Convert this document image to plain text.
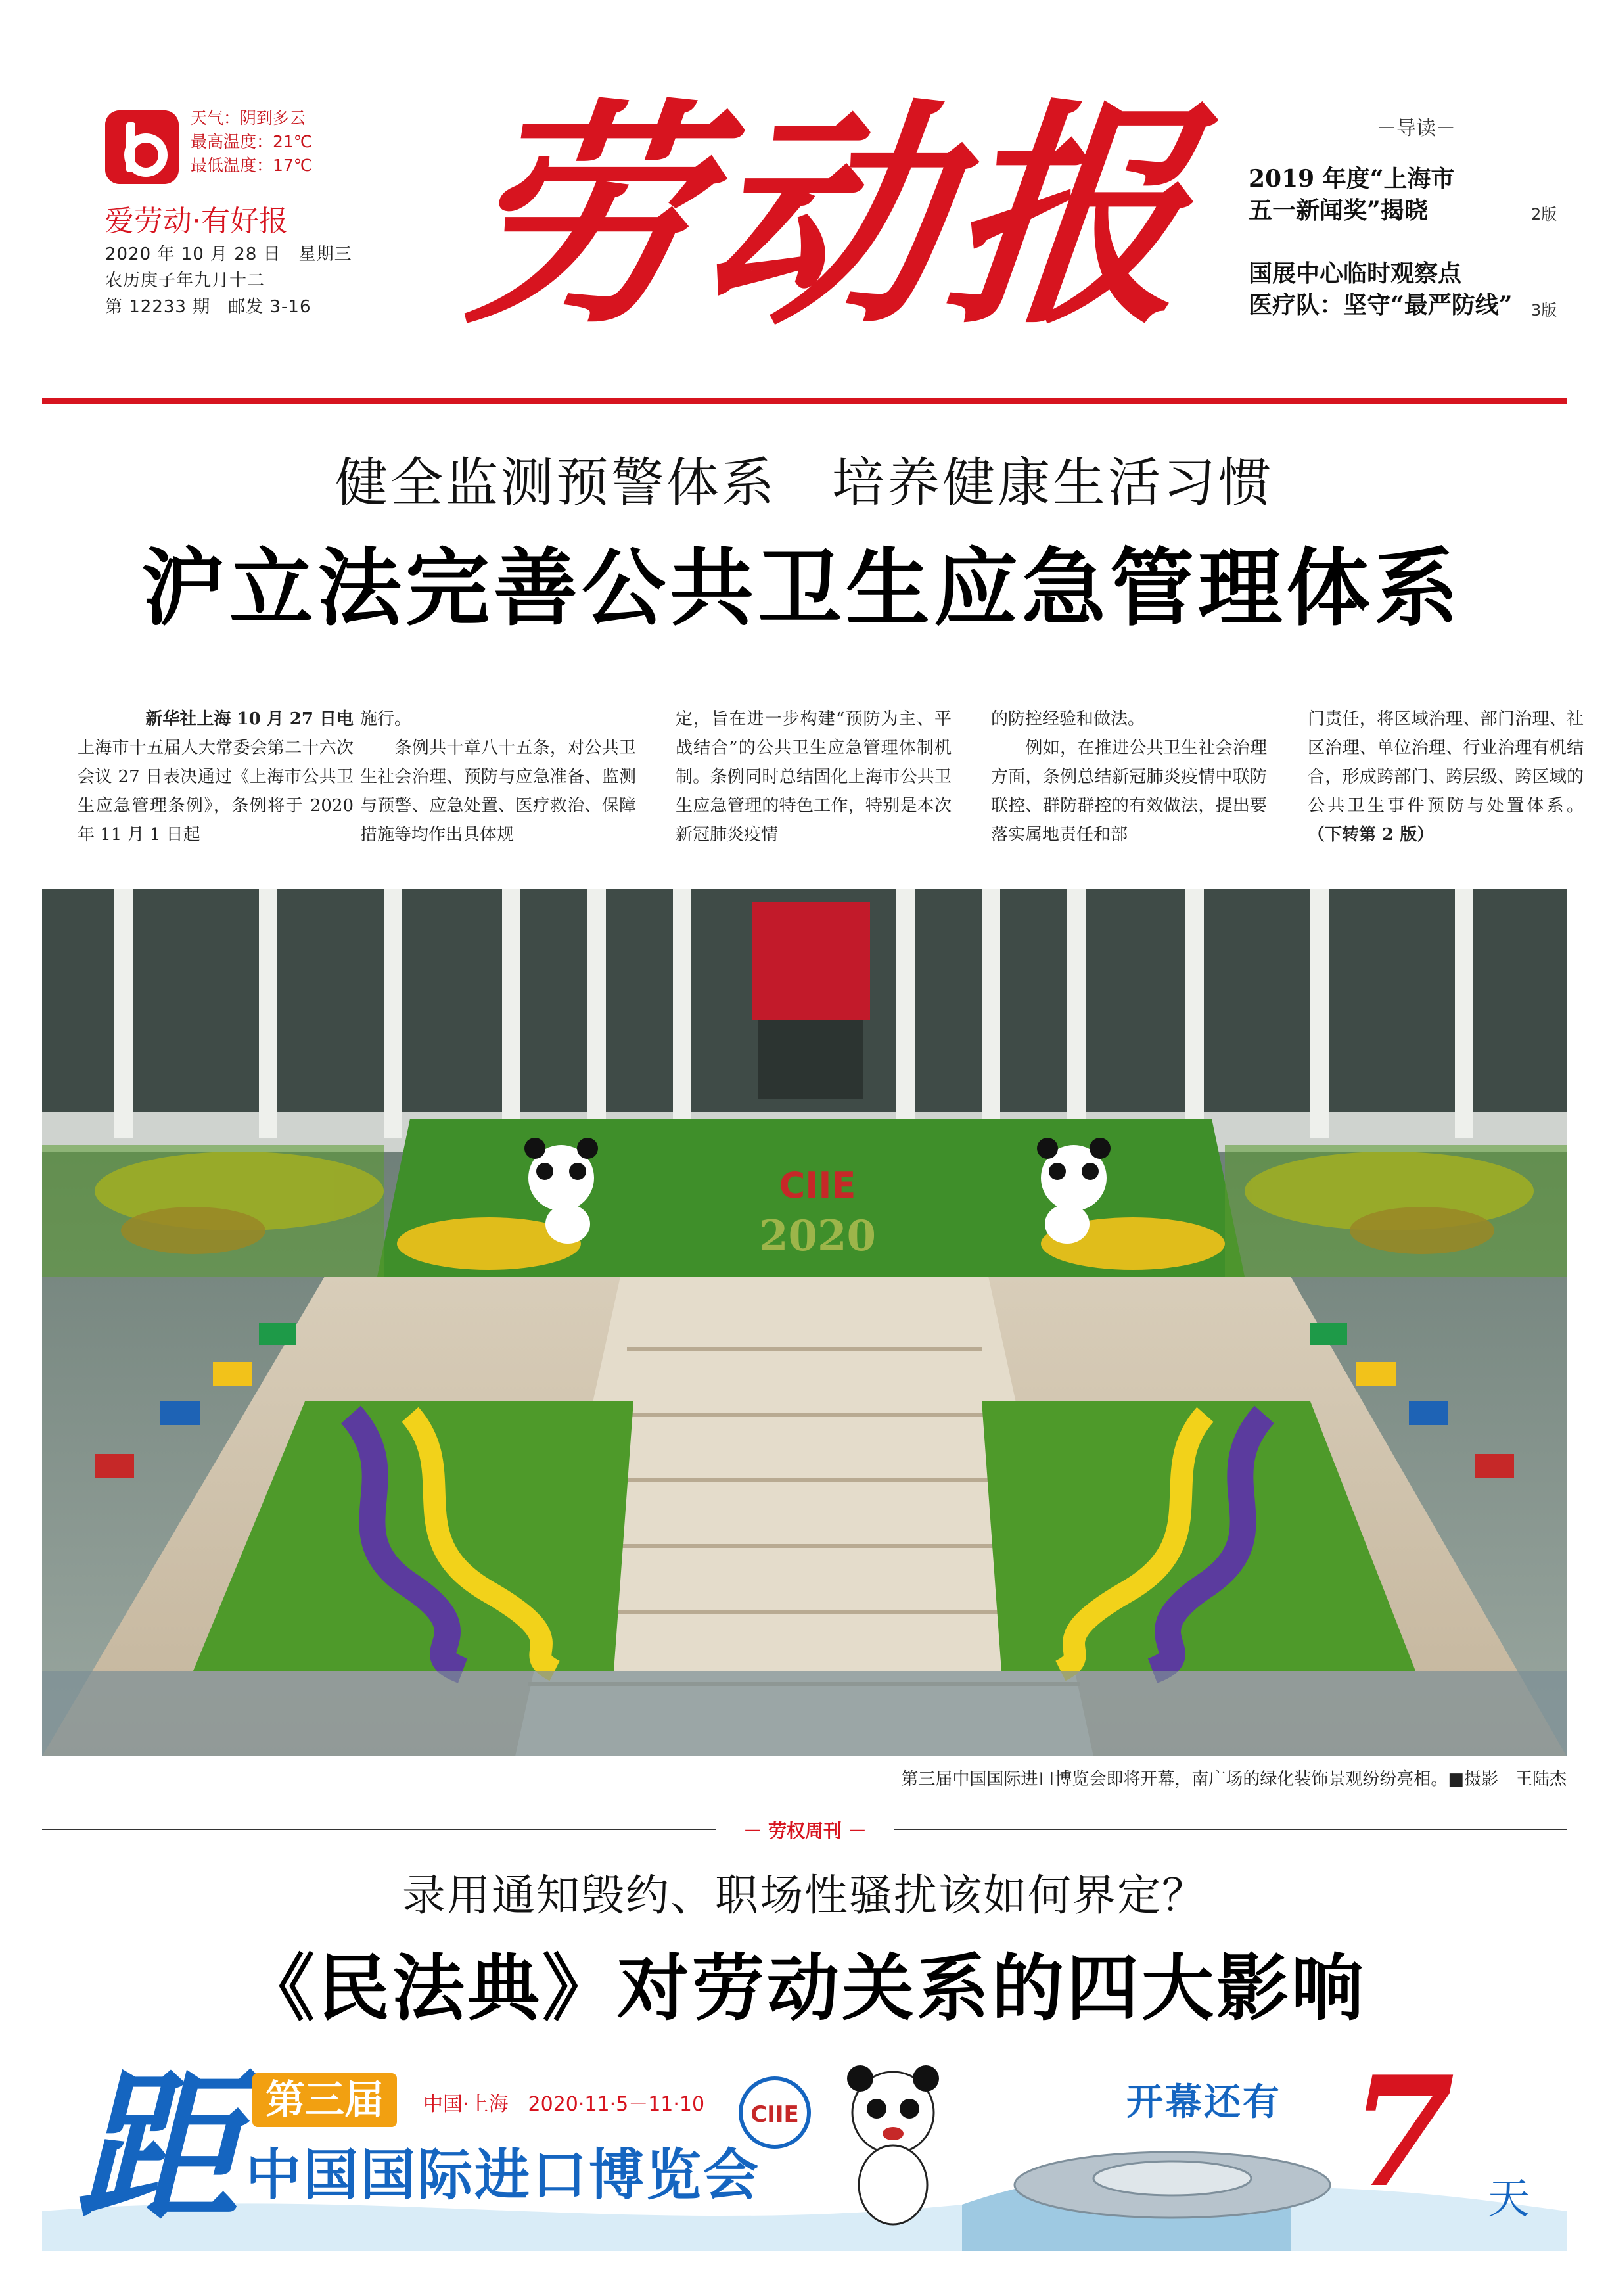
天气：阴到多云
最高温度：21℃
最低温度：17℃
爱劳动·有好报
2020 年 10 月 28 日　星期三
农历庚子年九月十二
第 12233 期　邮发 3-16 劳动报	－导读－
2019 年度“上海市
五一新闻奖”揭晓	2版
国展中心临时观察点
医疗队：坚守“最严防线” 3版
健全监测预警体系　培养健康生活习惯
沪立法完善公共卫生应急管理体系
新华社上海 10 月 27 日电
上海市十五届人大常委会第二十六次会议 27 日表决通过《上海市公共卫生应急管理条例》，条例将于 2020 年 11 月 1 日起
施行。
　　条例共十章八十五条，对公共卫生社会治理、预防与应急准备、监测与预警、应急处置、医疗救治、保障措施等均作出具体规
定，旨在进一步构建“预防为主、平战结合”的公共卫生应急管理体制机制。条例同时总结固化上海市公共卫生应急管理的特色工作，特别是本次新冠肺炎疫情
的防控经验和做法。
　　例如，在推进公共卫生社会治理方面，条例总结新冠肺炎疫情中联防联控、群防群控的有效做法，提出要落实属地责任和部
门责任，将区域治理、部门治理、社区治理、单位治理、行业治理有机结合，形成跨部门、跨层级、跨区域的公共卫生事件预防与处置体系。 （下转第 2 版）
CIIE
2020
第三届中国国际进口博览会即将开幕，南广场的绿化装饰景观纷纷亮相。■摄影　王陆杰
－ 劳权周刊 －
录用通知毁约、职场性骚扰该如何界定？
《民法典》对劳动关系的四大影响
CIIE
距 第三届	中国·上海　2020·11·5－11·10
中国国际进口博览会
开幕还有 7 天
